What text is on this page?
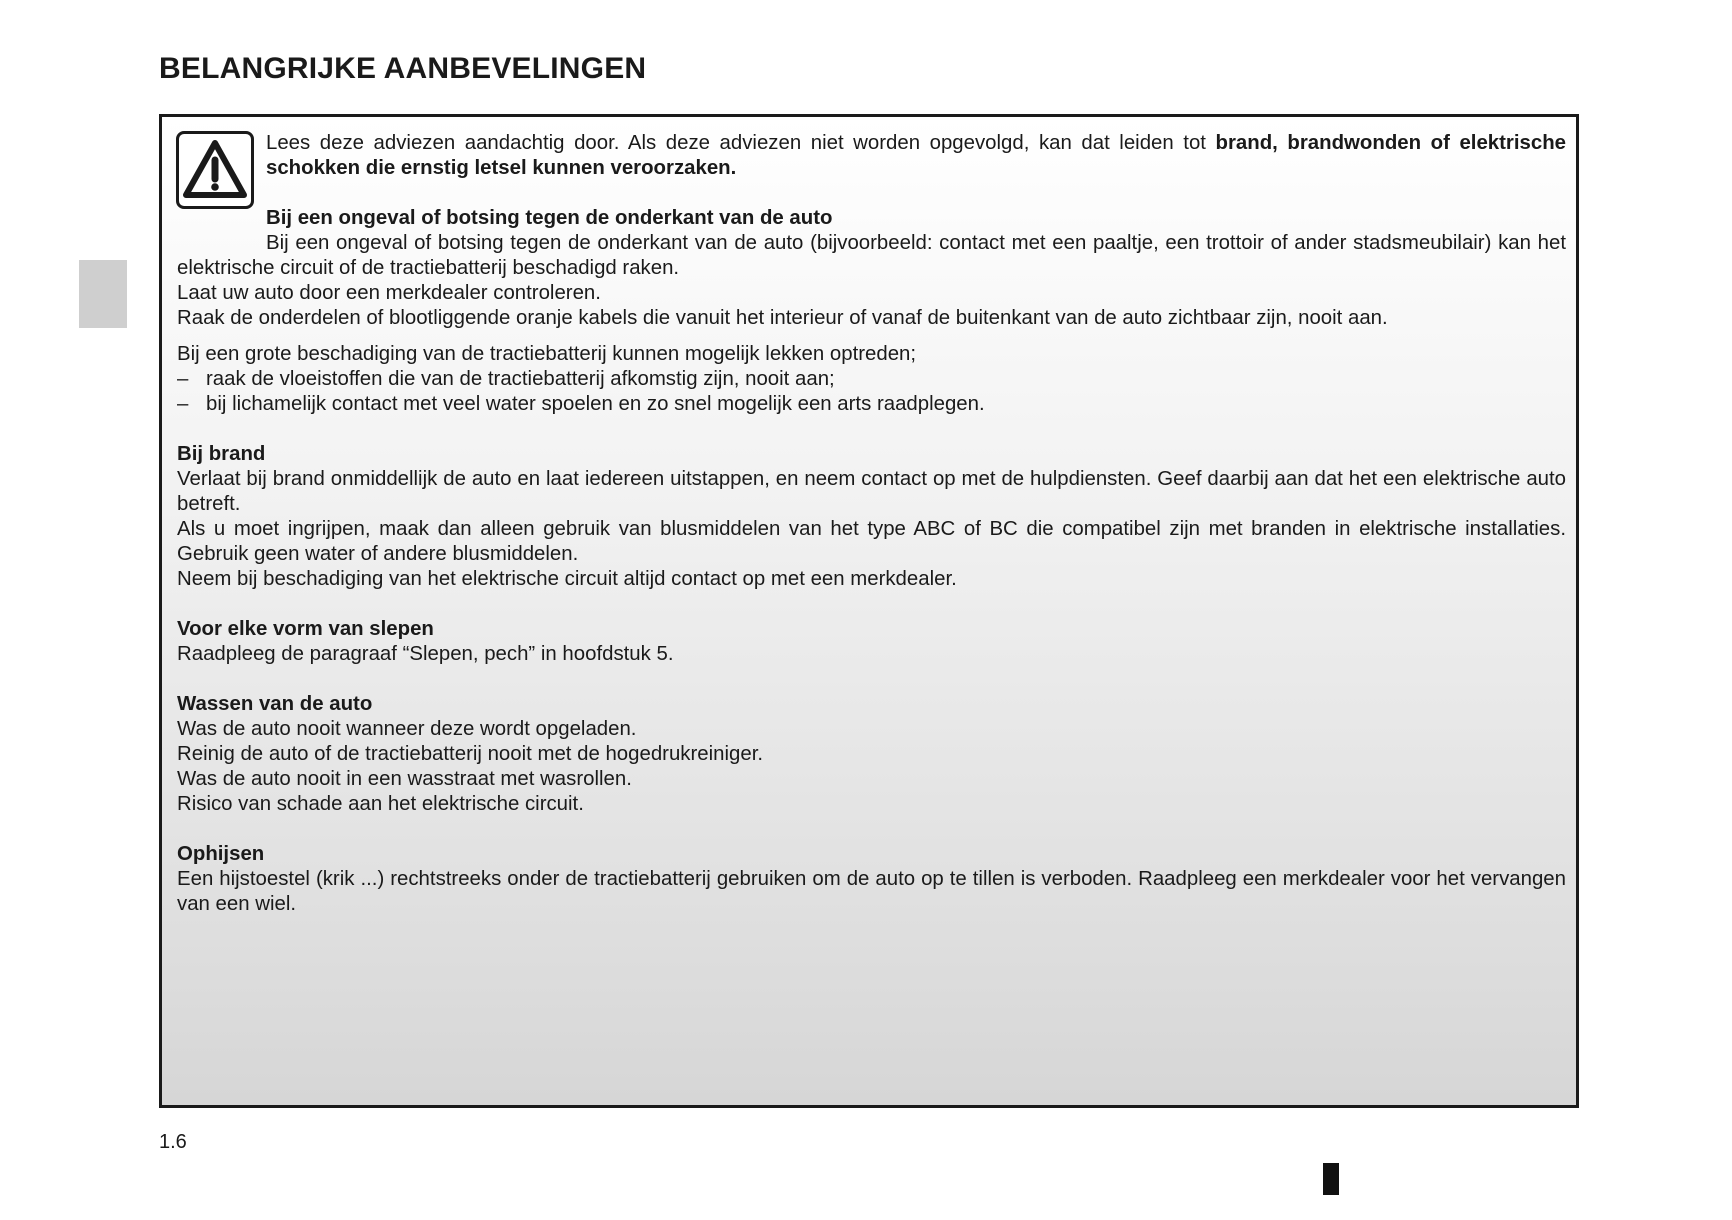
BELANGRIJKE AANBEVELINGEN

Lees deze adviezen aandachtig door. Als deze adviezen niet worden opgevolgd, kan dat leiden tot brand, brandwonden of elektrische schokken die ernstig letsel kunnen veroorzaken.

Bij een ongeval of botsing tegen de onderkant van de auto

Bij een ongeval of botsing tegen de onderkant van de auto (bijvoorbeeld: contact met een paaltje, een trottoir of ander stadsmeubilair) kan het elektrische circuit of de tractiebatterij beschadigd raken.

Laat uw auto door een merkdealer controleren.

Raak de onderdelen of blootliggende oranje kabels die vanuit het interieur of vanaf de buitenkant van de auto zichtbaar zijn, nooit aan.

Bij een grote beschadiging van de tractiebatterij kunnen mogelijk lekken optreden;

– raak de vloeistoffen die van de tractiebatterij afkomstig zijn, nooit aan;

– bij lichamelijk contact met veel water spoelen en zo snel mogelijk een arts raadplegen.

Bij brand

Verlaat bij brand onmiddellijk de auto en laat iedereen uitstappen, en neem contact op met de hulpdiensten. Geef daarbij aan dat het een elektrische auto betreft.

Als u moet ingrijpen, maak dan alleen gebruik van blusmiddelen van het type ABC of BC die compatibel zijn met branden in elektrische installaties. Gebruik geen water of andere blusmiddelen.

Neem bij beschadiging van het elektrische circuit altijd contact op met een merkdealer.

Voor elke vorm van slepen

Raadpleeg de paragraaf “Slepen, pech” in hoofdstuk 5.

Wassen van de auto

Was de auto nooit wanneer deze wordt opgeladen.

Reinig de auto of de tractiebatterij nooit met de hogedrukreiniger.

Was de auto nooit in een wasstraat met wasrollen.

Risico van schade aan het elektrische circuit.

Ophijsen

Een hijstoestel (krik ...) rechtstreeks onder de tractiebatterij gebruiken om de auto op te tillen is verboden. Raadpleeg een merkdealer voor het vervangen van een wiel.

1.6
